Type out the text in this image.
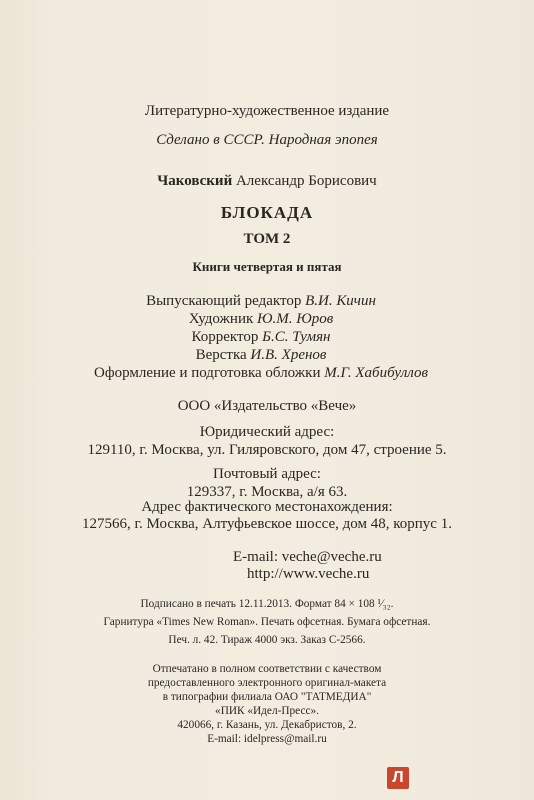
Литературно-художественное издание
Сделано в СССР. Народная эпопея
Чаковский Александр Борисович
БЛОКАДА
ТОМ 2
Книги четвертая и пятая
Выпускающий редактор В.И. Кичин
Художник Ю.М. Юров
Корректор Б.С. Тумян
Верстка И.В. Хренов
Оформление и подготовка обложки М.Г. Хабибуллов
ООО «Издательство «Вече»
Юридический адрес:
129110, г. Москва, ул. Гиляровского, дом 47, строение 5.
Почтовый адрес:
129337, г. Москва, а/я 63.
Адрес фактического местонахождения:
127566, г. Москва, Алтуфьевское шоссе, дом 48, корпус 1.
E-mail: veche@veche.ru
http://www.veche.ru
Подписано в печать 12.11.2013. Формат 84 × 108 ¹⁄₃₂.
Гарнитура «Times New Roman». Печать офсетная. Бумага офсетная.
Печ. л. 42. Тираж 4000 экз. Заказ С-2566.
Отпечатано в полном соответствии с качеством
предоставленного электронного оригинал-макета
в типографии филиала ОАО "ТАТМЕДИА"
«ПИК «Идел-Пресс».
420066, г. Казань, ул. Декабристов, 2.
E-mail: idelpress@mail.ru
Л
